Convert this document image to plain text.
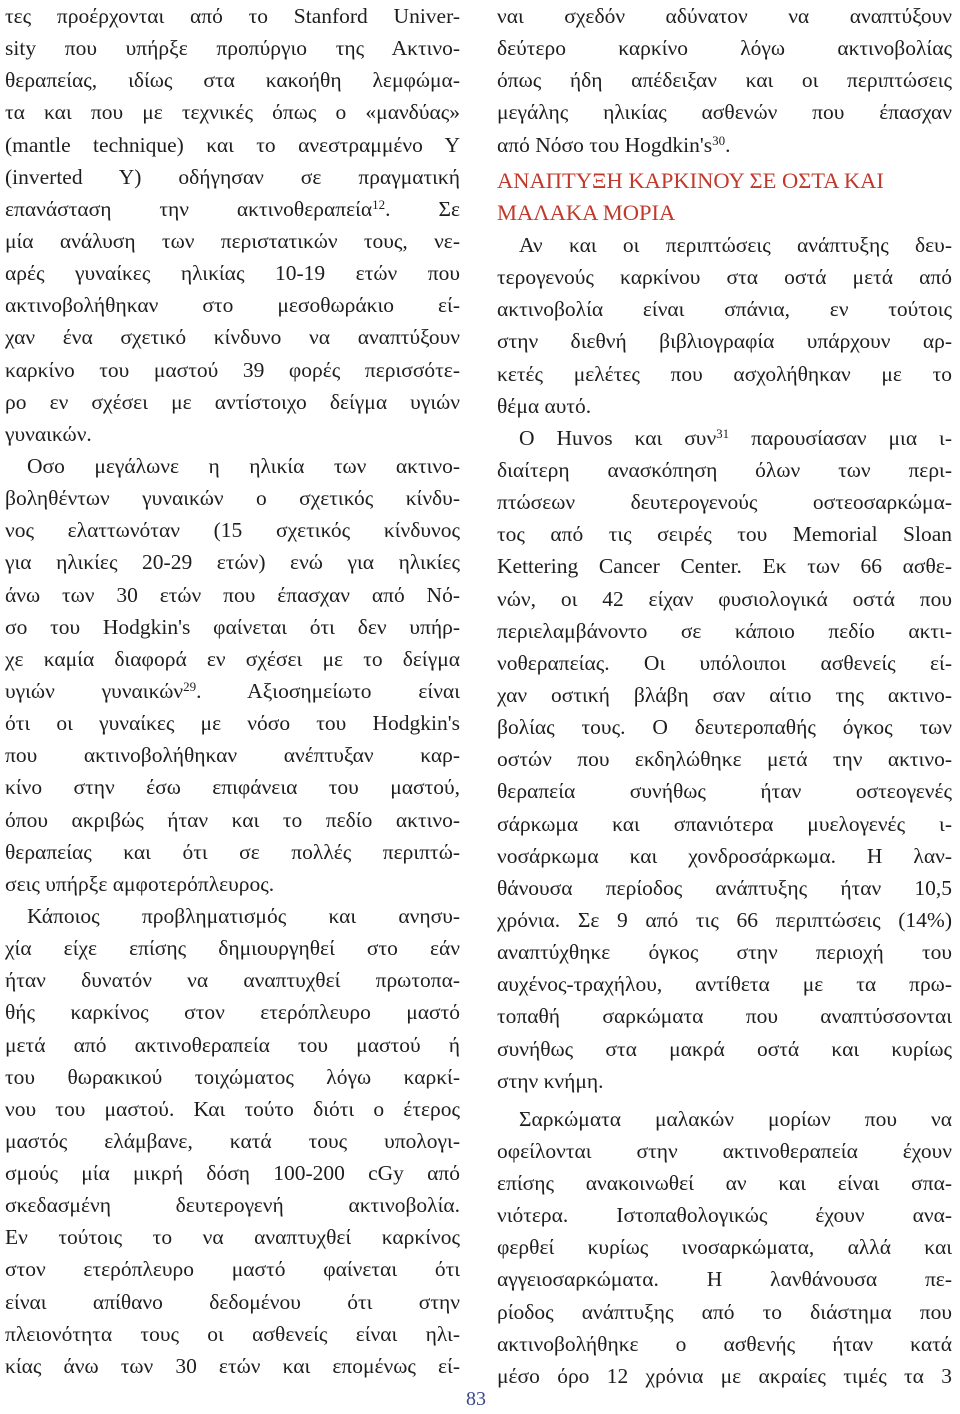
τες προέρχονται από το Stanford Univer-
sity που υπήρξε προπύργιο της Ακτινο-
θεραπείας, ιδίως στα κακοήθη λεμφώμα-
τα και που με τεχνικές όπως ο «μανδύας»
(mantle technique) και το ανεστραμμένο Υ
(inverted Y) οδήγησαν σε πραγματική
επανάσταση την ακτινοθεραπεία$^{12}$. Σε
μία ανάλυση των περιστατικών τους, νε-
αρές γυναίκες ηλικίας 10-19 ετών που
ακτινοβολήθηκαν στο μεσοθωράκιο εί-
χαν ένα σχετικό κίνδυνο να αναπτύξουν
καρκίνο του μαστού 39 φορές περισσότε-
ρο εν σχέσει με αντίστοιχο δείγμα υγιών
γυναικών.
Οσο μεγάλωνε η ηλικία των ακτινο-
βοληθέντων γυναικών ο σχετικός κίνδυ-
νος ελαττωνόταν (15 σχετικός κίνδυνος
για ηλικίες 20-29 ετών) ενώ για ηλικίες
άνω των 30 ετών που έπασχαν από Νό-
σο του Hodgkin's φαίνεται ότι δεν υπήρ-
χε καμία διαφορά εν σχέσει με το δείγμα
υγιών γυναικών$^{29}$. Αξιοσημείωτο είναι
ότι οι γυναίκες με νόσο του Hodgkin's
που ακτινοβολήθηκαν ανέπτυξαν καρ-
κίνο στην έσω επιφάνεια του μαστού,
όπου ακριβώς ήταν και το πεδίο ακτινο-
θεραπείας και ότι σε πολλές περιπτώ-
σεις υπήρξε αμφοτερόπλευρος.
Κάποιος προβληματισμός και ανησυ-
χία είχε επίσης δημιουργηθεί στο εάν
ήταν δυνατόν να αναπτυχθεί πρωτοπα-
θής καρκίνος στον ετερόπλευρο μαστό
μετά από ακτινοθεραπεία του μαστού ή
του θωρακικού τοιχώματος λόγω καρκί-
νου του μαστού. Και τούτο διότι ο έτερος
μαστός ελάμβανε, κατά τους υπολογι-
σμούς μία μικρή δόση 100-200 cGy από
σκεδασμένη δευτερογενή ακτινοβολία.
Εν τούτοις το να αναπτυχθεί καρκίνος
στον ετερόπλευρο μαστό φαίνεται ότι
είναι απίθανο δεδομένου ότι στην
πλειονότητα τους οι ασθενείς είναι ηλι-
κίας άνω των 30 ετών και επομένως εί-
ναι σχεδόν αδύνατον να αναπτύξουν
δεύτερο καρκίνο λόγω ακτινοβολίας
όπως ήδη απέδειξαν και οι περιπτώσεις
μεγάλης ηλικίας ασθενών που έπασχαν
από Νόσο του $Hogdkin's^{30}$.
ΑΝΑΠΤΥΞΗ ΚΑΡΚΙΝΟΥ ΣΕ ΟΣΤΑ ΚΑΙ
ΜΑΛΑΚΑ ΜΟΡΙΑ
Αν και οι περιπτώσεις ανάπτυξης δευ-
τερογενούς καρκίνου στα οστά μετά από
ακτινοβολία είναι σπάνια, εν τούτοις
στην διεθνή βιβλιογραφία υπάρχουν αρ-
κετές μελέτες που ασχολήθηκαν με το
θέμα αυτό.
Ο Huvos και συν$^{31}$ παρουσίασαν μια ι-
διαίτερη ανασκόπηση όλων των περι-
πτώσεων δευτερογενούς οστεοσαρκώμα-
τος από τις σειρές του Memorial Sloan
Kettering Cancer Center. Εκ των 66 ασθε-
νών, οι 42 είχαν φυσιολογικά οστά που
περιελαμβάνοντο σε κάποιο πεδίο ακτι-
νοθεραπείας. Οι υπόλοιποι ασθενείς εί-
χαν οστική βλάβη σαν αίτιο της ακτινο-
βολίας τους. Ο δευτεροπαθής όγκος των
οστών που εκδηλώθηκε μετά την ακτινο-
θεραπεία συνήθως ήταν οστεογενές
σάρκωμα και σπανιότερα μυελογενές ι-
νοσάρκωμα και χονδροσάρκωμα. Η λαν-
θάνουσα περίοδος ανάπτυξης ήταν 10,5
χρόνια. Σε 9 από τις 66 περιπτώσεις (14%)
αναπτύχθηκε όγκος στην περιοχή του
αυχένος-τραχήλου, αντίθετα με τα πρω-
τοπαθή σαρκώματα που αναπτύσσονται
συνήθως στα μακρά οστά και κυρίως
στην κνήμη.
Σαρκώματα μαλακών μορίων που να
οφείλονται στην ακτινοθεραπεία έχουν
επίσης ανακοινωθεί αν και είναι σπα-
νιότερα. Ιστοπαθολογικώς έχουν ανα-
φερθεί κυρίως ινοσαρκώματα, αλλά και
αγγειοσαρκώματα. Η λανθάνουσα πε-
ρίοδος ανάπτυξης από το διάστημα που
ακτινοβολήθηκε ο ασθενής ήταν κατά
μέσο όρο 12 χρόνια με ακραίες τιμές τα 3
83
